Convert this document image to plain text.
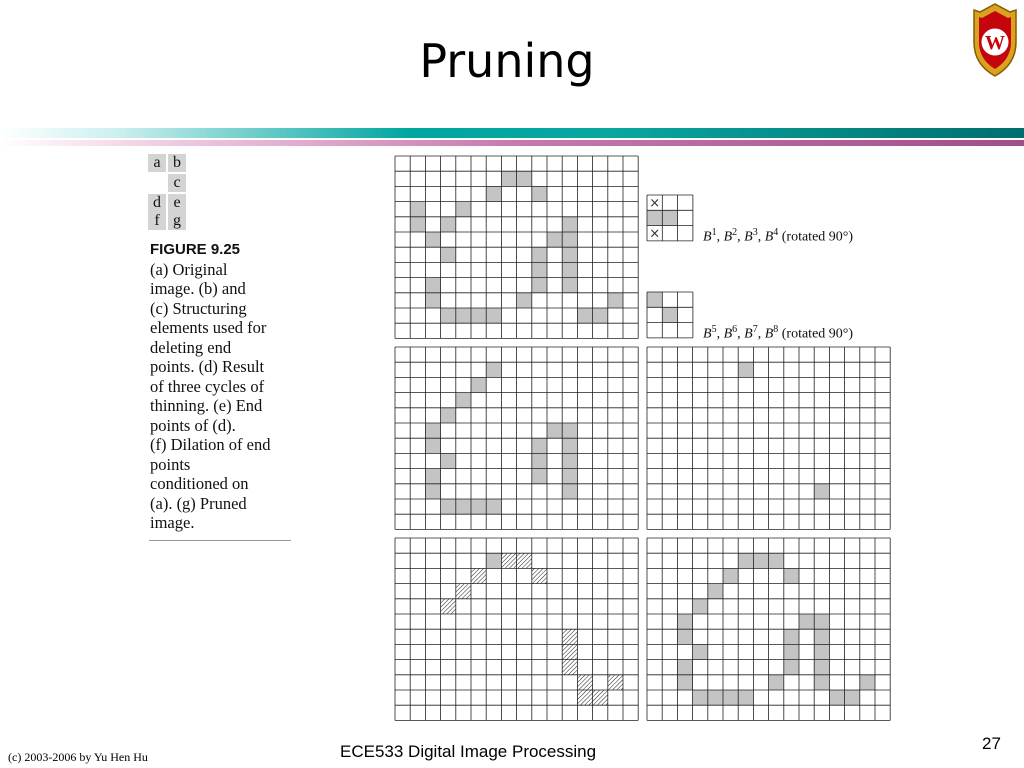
Pruning	W
a b
c
d e
f g
FIGURE 9.25
(a) Original
image. (b) and
(c) Structuring
elements used for
deleting end
points. (d) Result
of three cycles of
thinning. (e) End
points of (d).
(f) Dilation of end
points
conditioned on
(a). (g) Pruned
image.
×
×	$B^1$, $B^2$, $B^3$, $B^4$ (rotated 90°)
$B^5$, $B^6$, $B^7$, $B^8$ (rotated 90°)
(c) 2003-2006 by Yu Hen Hu	ECE533 Digital Image Processing	27
